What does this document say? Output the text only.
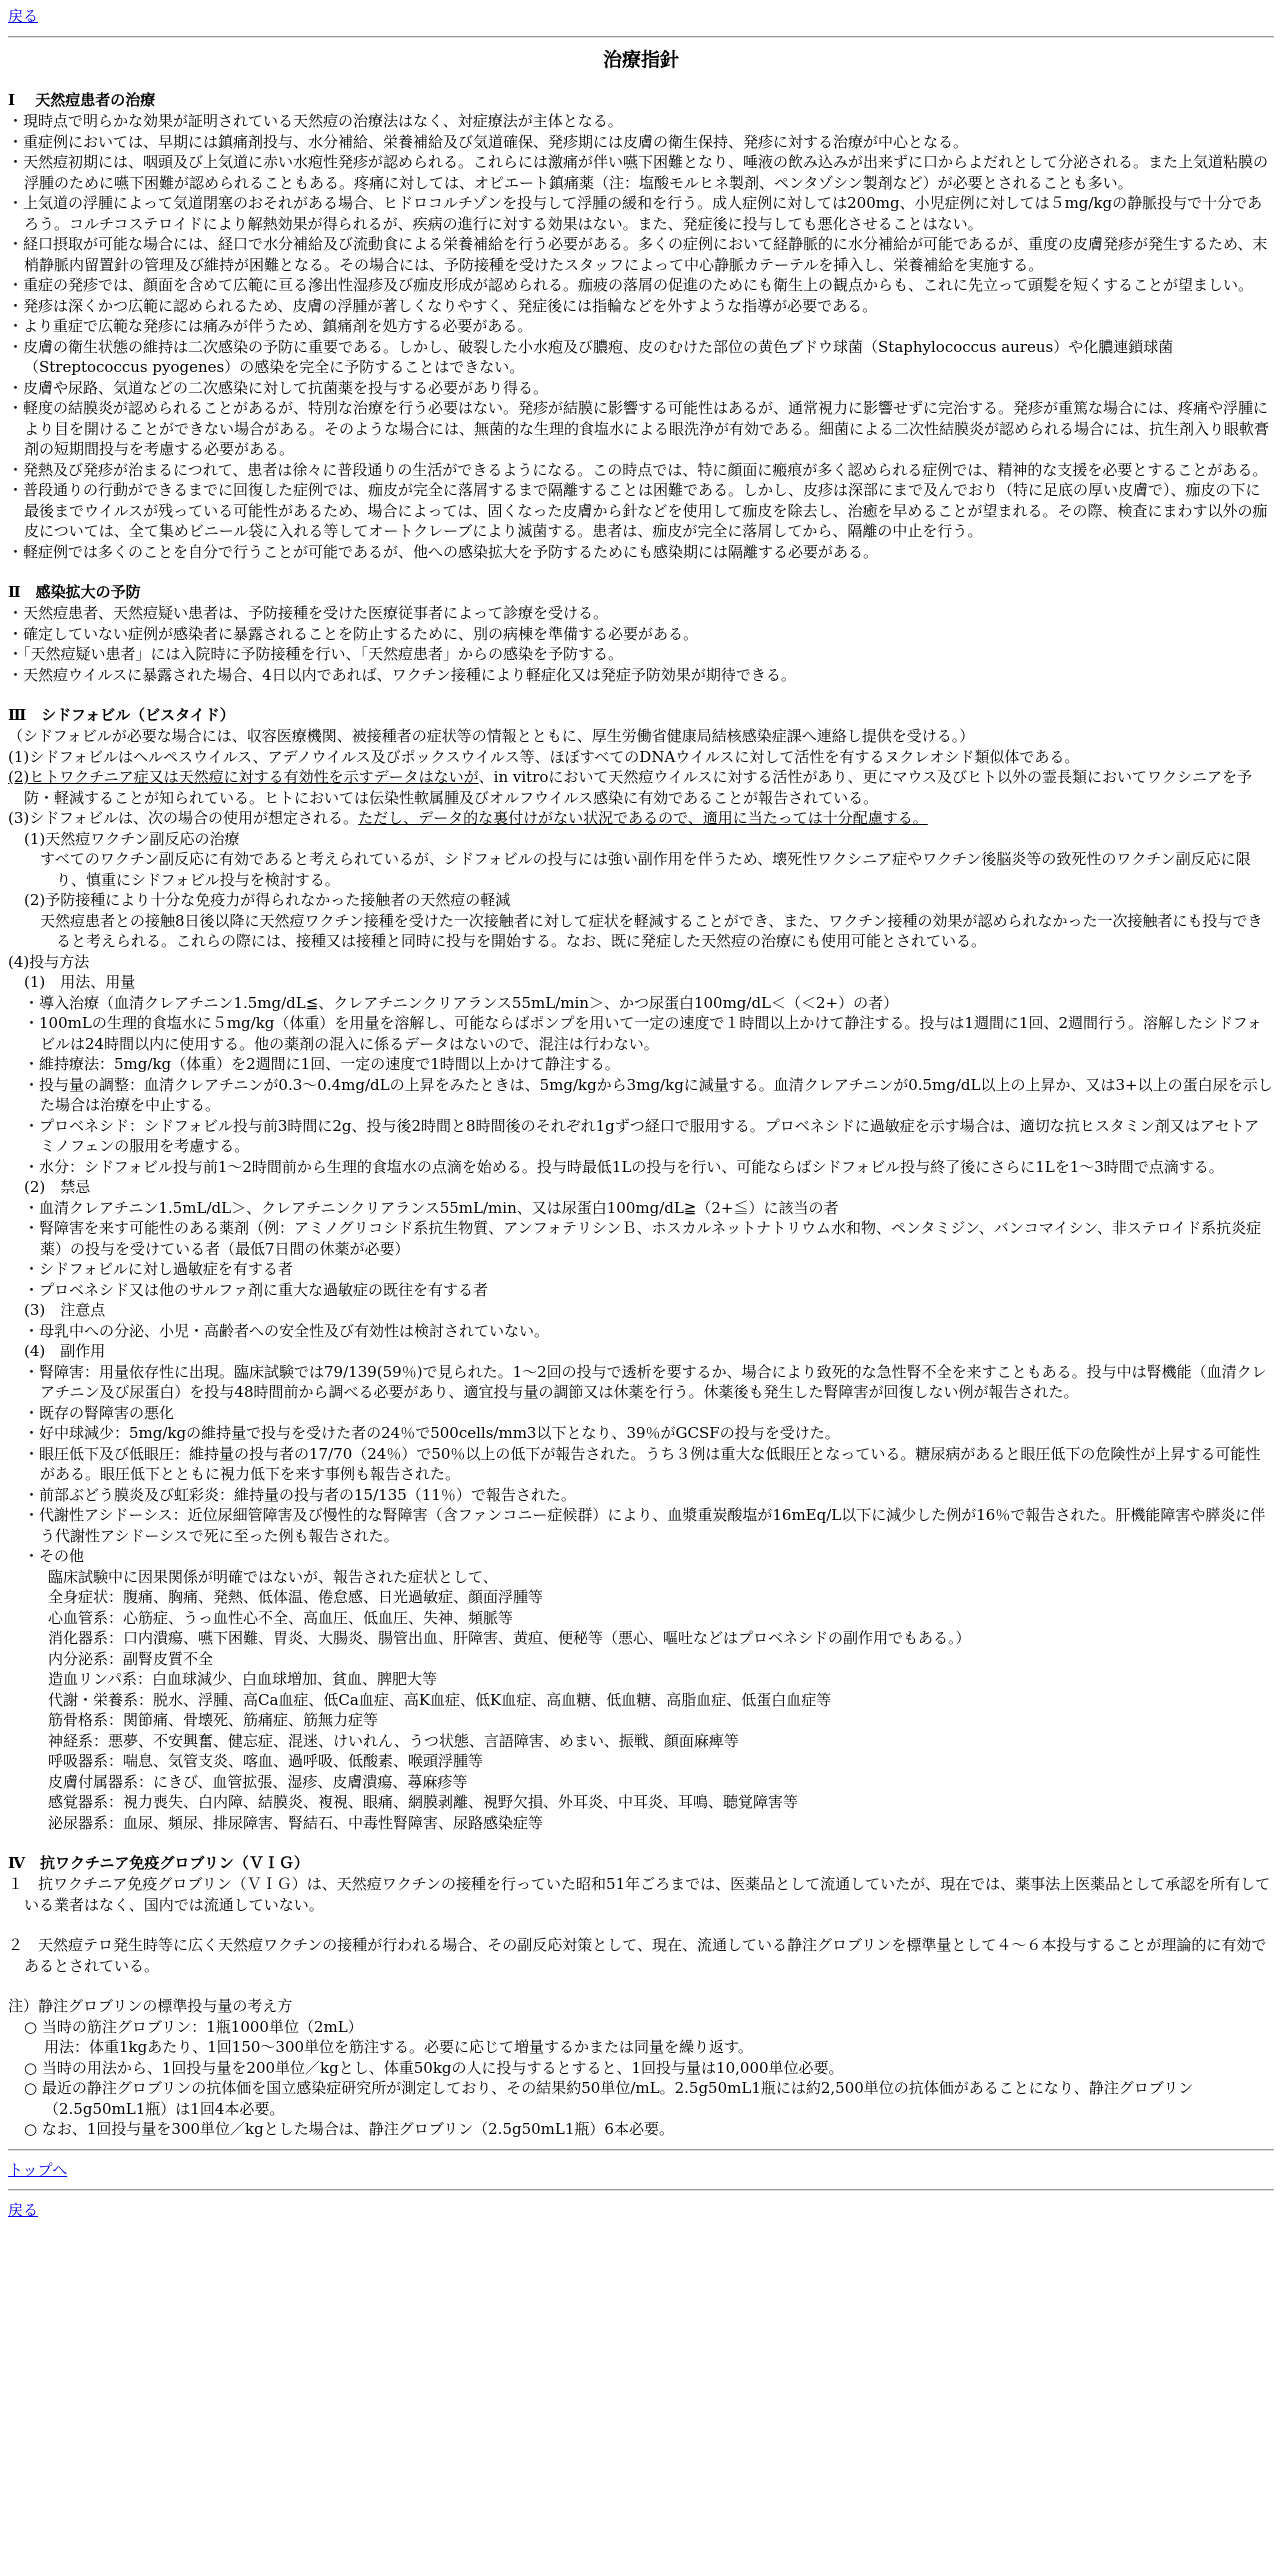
戻る
治療指針
Ⅰ　 天然痘患者の治療
・ 現時点で明らかな効果が証明されている天然痘の治療法はなく、対症療法が主体となる。
・ 重症例においては、早期には鎮痛剤投与、水分補給、栄養補給及び気道確保、発疹期には皮膚の衛生保持、発疹に対する治療が中心となる。
・ 天然痘初期には、咽頭及び上気道に赤い水疱性発疹が認められる。これらには激痛が伴い嚥下困難となり、唾液の飲み込みが出来ずに口からよだれとして分泌される。また上気道粘膜の浮腫のために嚥下困難が認められることもある。疼痛に対しては、オピエート鎮痛薬（注：塩酸モルヒネ製剤、ペンタゾシン製剤など）が必要とされることも多い。
・ 上気道の浮腫によって気道閉塞のおそれがある場合、ヒドロコルチゾンを投与して浮腫の緩和を行う。成人症例に対しては200mg、小児症例に対しては５mg/kgの静脈投与で十分であろう。コルチコステロイドにより解熱効果が得られるが、疾病の進行に対する効果はない。また、発症後に投与しても悪化させることはない。
・ 経口摂取が可能な場合には、経口で水分補給及び流動食による栄養補給を行う必要がある。多くの症例において経静脈的に水分補給が可能であるが、重度の皮膚発疹が発生するため、末梢静脈内留置針の管理及び維持が困難となる。その場合には、予防接種を受けたスタッフによって中心静脈カテーテルを挿入し、栄養補給を実施する。
・ 重症の発疹では、顔面を含めて広範に亘る滲出性湿疹及び痂皮形成が認められる。痂疲の落屑の促進のためにも衛生上の観点からも、これに先立って頭髪を短くすることが望ましい。
・ 発疹は深くかつ広範に認められるため、皮膚の浮腫が著しくなりやすく、発症後には指輪などを外すような指導が必要である。
・ より重症で広範な発疹には痛みが伴うため、鎮痛剤を処方する必要がある。
・ 皮膚の衛生状態の維持は二次感染の予防に重要である。しかし、破裂した小水疱及び膿疱、皮のむけた部位の黄色ブドウ球菌（Staphylococcus aureus）や化膿連鎖球菌（Streptococcus pyogenes）の感染を完全に予防することはできない。
・ 皮膚や尿路、気道などの二次感染に対して抗菌薬を投与する必要があり得る。
・ 軽度の結膜炎が認められることがあるが、特別な治療を行う必要はない。発疹が結膜に影響する可能性はあるが、通常視力に影響せずに完治する。発疹が重篤な場合には、疼痛や浮腫により目を開けることができない場合がある。そのような場合には、無菌的な生理的食塩水による眼洗浄が有効である。細菌による二次性結膜炎が認められる場合には、抗生剤入り眼軟膏剤の短期間投与を考慮する必要がある。
・ 発熱及び発疹が治まるにつれて、患者は徐々に普段通りの生活ができるようになる。この時点では、特に顔面に瘢痕が多く認められる症例では、精神的な支援を必要とすることがある。
・ 普段通りの行動ができるまでに回復した症例では、痂皮が完全に落屑するまで隔離することは困難である。しかし、皮疹は深部にまで及んでおり（特に足底の厚い皮膚で）、痂皮の下に最後までウイルスが残っている可能性があるため、場合によっては、固くなった皮膚から針などを使用して痂皮を除去し、治癒を早めることが望まれる。その際、検査にまわす以外の痂皮については、全て集めビニール袋に入れる等してオートクレーブにより滅菌する。患者は、痂皮が完全に落屑してから、隔離の中止を行う。
・ 軽症例では多くのことを自分で行うことが可能であるが、他への感染拡大を予防するためにも感染期には隔離する必要がある。
Ⅱ　感染拡大の予防
・ 天然痘患者、天然痘疑い患者は、予防接種を受けた医療従事者によって診療を受ける。
・ 確定していない症例が感染者に暴露されることを防止するために、別の病棟を準備する必要がある。
・ 「天然痘疑い患者」には入院時に予防接種を行い、「天然痘患者」からの感染を予防する。
・ 天然痘ウイルスに暴露された場合、4日以内であれば、ワクチン接種により軽症化又は発症予防効果が期待できる。
Ⅲ　シドフォビル（ビスタイド）

（シドフォビルが必要な場合には、収容医療機関、被接種者の症状等の情報とともに、厚生労働省健康局結核感染症課へ連絡し提供を受ける。）

(1)シドフォビルはヘルペスウイルス、アデノウイルス及びポックスウイルス等、ほぼすべてのDNAウイルスに対して活性を有するヌクレオシド類似体である。

(2)ヒトワクチニア症又は天然痘に対する有効性を示すデータはないが、in vitroにおいて天然痘ウイルスに対する活性があり、更にマウス及びヒト以外の霊長類においてワクシニアを予防・軽減することが知られている。ヒトにおいては伝染性軟属腫及びオルフウイルス感染に有効であることが報告されている。

(3)シドフォビルは、次の場合の使用が想定される。ただし、データ的な裏付けがない状況であるので、適用に当たっては十分配慮する。

(1)天然痘ワクチン副反応の治療

すべてのワクチン副反応に有効であると考えられているが、シドフォビルの投与には強い副作用を伴うため、壊死性ワクシニア症やワクチン後脳炎等の致死性のワクチン副反応に限り、慎重にシドフォビル投与を検討する。

(2)予防接種により十分な免疫力が得られなかった接触者の天然痘の軽減

天然痘患者との接触8日後以降に天然痘ワクチン接種を受けた一次接触者に対して症状を軽減することができ、また、ワクチン接種の効果が認められなかった一次接触者にも投与できると考えられる。これらの際には、接種又は接種と同時に投与を開始する。なお、既に発症した天然痘の治療にも使用可能とされている。

(4)投与方法

(1)　用法、用量

・ 導入治療（血清クレアチニン1.5mg/dL≦、クレアチニンクリアランス55mL/min＞、かつ尿蛋白100mg/dL＜（＜2+）の者）
・ 100mLの生理的食塩水に５mg/kg（体重）を用量を溶解し、可能ならばポンプを用いて一定の速度で１時間以上かけて静注する。投与は1週間に1回、2週間行う。溶解したシドフォビルは24時間以内に使用する。他の薬剤の混入に係るデータはないので、混注は行わない。
・ 維持療法：5mg/kg（体重）を2週間に1回、一定の速度で1時間以上かけて静注する。
・ 投与量の調整：血清クレアチニンが0.3～0.4mg/dLの上昇をみたときは、5mg/kgから3mg/kgに減量する。血清クレアチニンが0.5mg/dL以上の上昇か、又は3+以上の蛋白尿を示した場合は治療を中止する。
・ プロベネシド：シドフォビル投与前3時間に2g、投与後2時間と8時間後のそれぞれ1gずつ経口で服用する。プロベネシドに過敏症を示す場合は、適切な抗ヒスタミン剤又はアセトアミノフェンの服用を考慮する。
・ 水分：シドフォビル投与前1～2時間前から生理的食塩水の点滴を始める。投与時最低1Lの投与を行い、可能ならばシドフォビル投与終了後にさらに1Lを1～3時間で点滴する。

(2)　禁忌

・ 血清クレアチニン1.5mL/dL＞、クレアチニンクリアランス55mL/min、又は尿蛋白100mg/dL≧（2+≦）に該当の者
・ 腎障害を来す可能性のある薬剤（例：アミノグリコシド系抗生物質、アンフォテリシンＢ、ホスカルネットナトリウム水和物、ペンタミジン、バンコマイシン、非ステロイド系抗炎症薬）の投与を受けている者（最低7日間の休薬が必要）
・ シドフォビルに対し過敏症を有する者
・ プロベネシド又は他のサルファ剤に重大な過敏症の既往を有する者

(3)　注意点

・ 母乳中への分泌、小児・高齢者への安全性及び有効性は検討されていない。

(4)　副作用

・ 腎障害：用量依存性に出現。臨床試験では79/139(59％)で見られた。1～2回の投与で透析を要するか、場合により致死的な急性腎不全を来すこともある。投与中は腎機能（血清クレアチニン及び尿蛋白）を投与48時間前から調べる必要があり、適宜投与量の調節又は休薬を行う。休薬後も発生した腎障害が回復しない例が報告された。
・ 既存の腎障害の悪化
・ 好中球減少：5mg/kgの維持量で投与を受けた者の24％で500cells/mm3以下となり、39％がGCSFの投与を受けた。
・ 眼圧低下及び低眼圧：維持量の投与者の17/70（24％）で50％以上の低下が報告された。うち３例は重大な低眼圧となっている。糖尿病があると眼圧低下の危険性が上昇する可能性がある。眼圧低下とともに視力低下を来す事例も報告された。
・ 前部ぶどう膜炎及び虹彩炎：維持量の投与者の15/135（11％）で報告された。
・ 代謝性アシドーシス：近位尿細管障害及び慢性的な腎障害（含ファンコニー症候群）により、血漿重炭酸塩が16mEq/L以下に減少した例が16％で報告された。肝機能障害や膵炎に伴う代謝性アシドーシスで死に至った例も報告された。
・ その他
臨床試験中に因果関係が明確ではないが、報告された症状として、
全身症状：腹痛、胸痛、発熱、低体温、倦怠感、日光過敏症、顔面浮腫等
心血管系：心筋症、うっ血性心不全、高血圧、低血圧、失神、頻脈等
消化器系：口内潰瘍、嚥下困難、胃炎、大腸炎、腸管出血、肝障害、黄疸、便秘等（悪心、嘔吐などはプロベネシドの副作用でもある。）
内分泌系：副腎皮質不全
造血リンパ系：白血球減少、白血球増加、貧血、脾肥大等
代謝・栄養系：脱水、浮腫、高Ca血症、低Ca血症、高K血症、低K血症、高血糖、低血糖、高脂血症、低蛋白血症等
筋骨格系：関節痛、骨壊死、筋痛症、筋無力症等
神経系：悪夢、不安興奮、健忘症、混迷、けいれん、うつ状態、言語障害、めまい、振戦、顔面麻痺等
呼吸器系：喘息、気管支炎、喀血、過呼吸、低酸素、喉頭浮腫等
皮膚付属器系：にきび、血管拡張、湿疹、皮膚潰瘍、蕁麻疹等
感覚器系：視力喪失、白内障、結膜炎、複視、眼痛、網膜剥離、視野欠損、外耳炎、中耳炎、耳鳴、聴覚障害等
泌尿器系：血尿、頻尿、排尿障害、腎結石、中毒性腎障害、尿路感染症等
Ⅳ　抗ワクチニア免疫グロブリン（ＶＩＧ）

１　抗ワクチニア免疫グロブリン（ＶＩＧ）は、天然痘ワクチンの接種を行っていた昭和51年ごろまでは、医薬品として流通していたが、現在では、薬事法上医薬品として承認を所有している業者はなく、国内では流通していない。

２　天然痘テロ発生時等に広く天然痘ワクチンの接種が行われる場合、その副反応対策として、現在、流通している静注グロブリンを標準量として４～６本投与することが理論的に有効であるとされている。

注）静注グロブリンの標準投与量の考え方

○ 当時の筋注グロブリン：1瓶1000単位（2mL）
用法：体重1kgあたり、1回150～300単位を筋注する。必要に応じて増量するかまたは同量を繰り返す。
○ 当時の用法から、1回投与量を200単位／kgとし、体重50kgの人に投与するとすると、1回投与量は10,000単位必要。
○ 最近の静注グロブリンの抗体価を国立感染症研究所が測定しており、その結果約50単位/mL。2.5g50mL1瓶には約2,500単位の抗体価があることになり、静注グロブリン（2.5g50mL1瓶）は1回4本必要。
○ なお、1回投与量を300単位／kgとした場合は、静注グロブリン（2.5g50mL1瓶）6本必要。
トップへ
戻る
